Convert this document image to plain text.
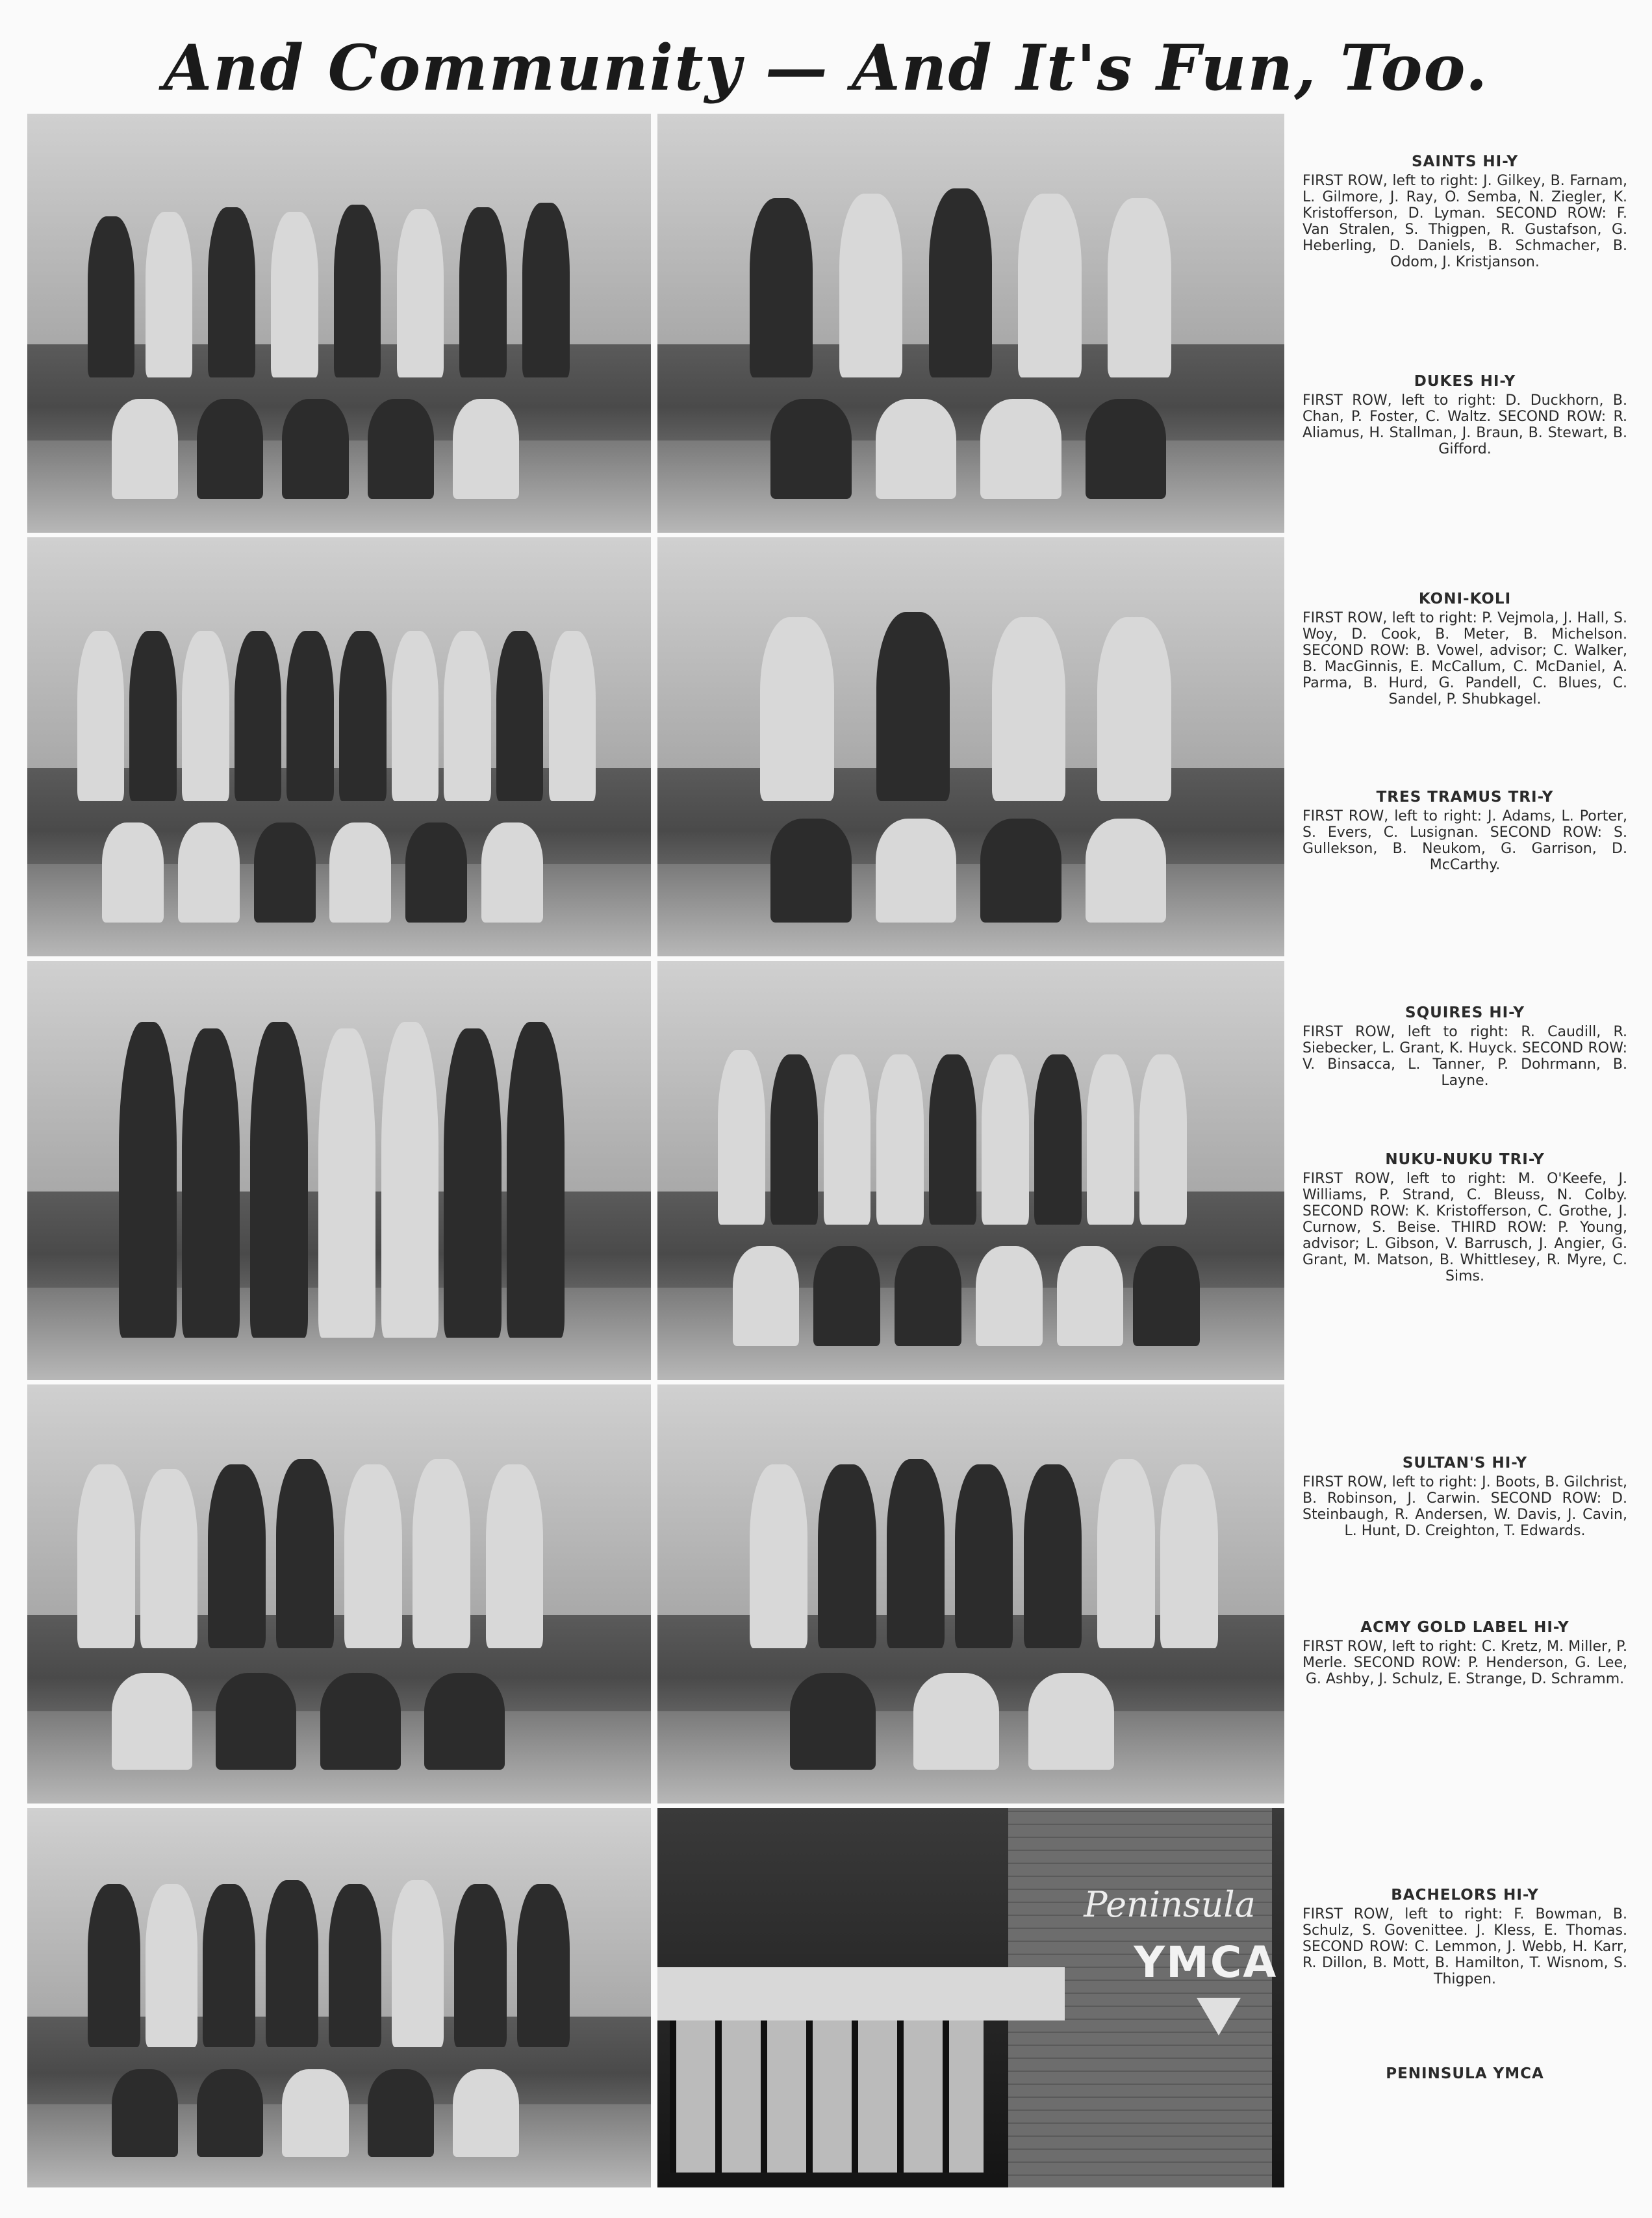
And Community — And It's Fun, Too.
Peninsula
YMCA
SAINTS HI-Y
FIRST ROW, left to right: J. Gilkey, B. Farnam, L. Gilmore, J. Ray, O. Semba, N. Ziegler, K. Kristofferson, D. Lyman. SECOND ROW: F. Van Stralen, S. Thigpen, R. Gustafson, G. Heberling, D. Daniels, B. Schmacher, B. Odom, J. Kristjanson.
DUKES HI-Y
FIRST ROW, left to right: D. Duckhorn, B. Chan, P. Foster, C. Waltz. SECOND ROW: R. Aliamus, H. Stallman, J. Braun, B. Stewart, B. Gifford.
KONI-KOLI
FIRST ROW, left to right: P. Vejmola, J. Hall, S. Woy, D. Cook, B. Meter, B. Michelson. SECOND ROW: B. Vowel, advisor; C. Walker, B. MacGinnis, E. McCallum, C. McDaniel, A. Parma, B. Hurd, G. Pandell, C. Blues, C. Sandel, P. Shubkagel.
TRES TRAMUS TRI-Y
FIRST ROW, left to right: J. Adams, L. Porter, S. Evers, C. Lusignan. SECOND ROW: S. Gullekson, B. Neukom, G. Garrison, D. McCarthy.
SQUIRES HI-Y
FIRST ROW, left to right: R. Caudill, R. Siebecker, L. Grant, K. Huyck. SECOND ROW: V. Binsacca, L. Tanner, P. Dohrmann, B. Layne.
NUKU-NUKU TRI-Y
FIRST ROW, left to right: M. O'Keefe, J. Williams, P. Strand, C. Bleuss, N. Colby. SECOND ROW: K. Kristofferson, C. Grothe, J. Curnow, S. Beise. THIRD ROW: P. Young, advisor; L. Gibson, V. Barrusch, J. Angier, G. Grant, M. Matson, B. Whittlesey, R. Myre, C. Sims.
SULTAN'S HI-Y
FIRST ROW, left to right: J. Boots, B. Gilchrist, B. Robinson, J. Carwin. SECOND ROW: D. Steinbaugh, R. Andersen, W. Davis, J. Cavin, L. Hunt, D. Creighton, T. Edwards.
ACMY GOLD LABEL HI-Y
FIRST ROW, left to right: C. Kretz, M. Miller, P. Merle. SECOND ROW: P. Henderson, G. Lee, G. Ashby, J. Schulz, E. Strange, D. Schramm.
BACHELORS HI-Y
FIRST ROW, left to right: F. Bowman, B. Schulz, S. Govenittee. J. Kless, E. Thomas. SECOND ROW: C. Lemmon, J. Webb, H. Karr, R. Dillon, B. Mott, B. Hamilton, T. Wisnom, S. Thigpen.
PENINSULA YMCA
